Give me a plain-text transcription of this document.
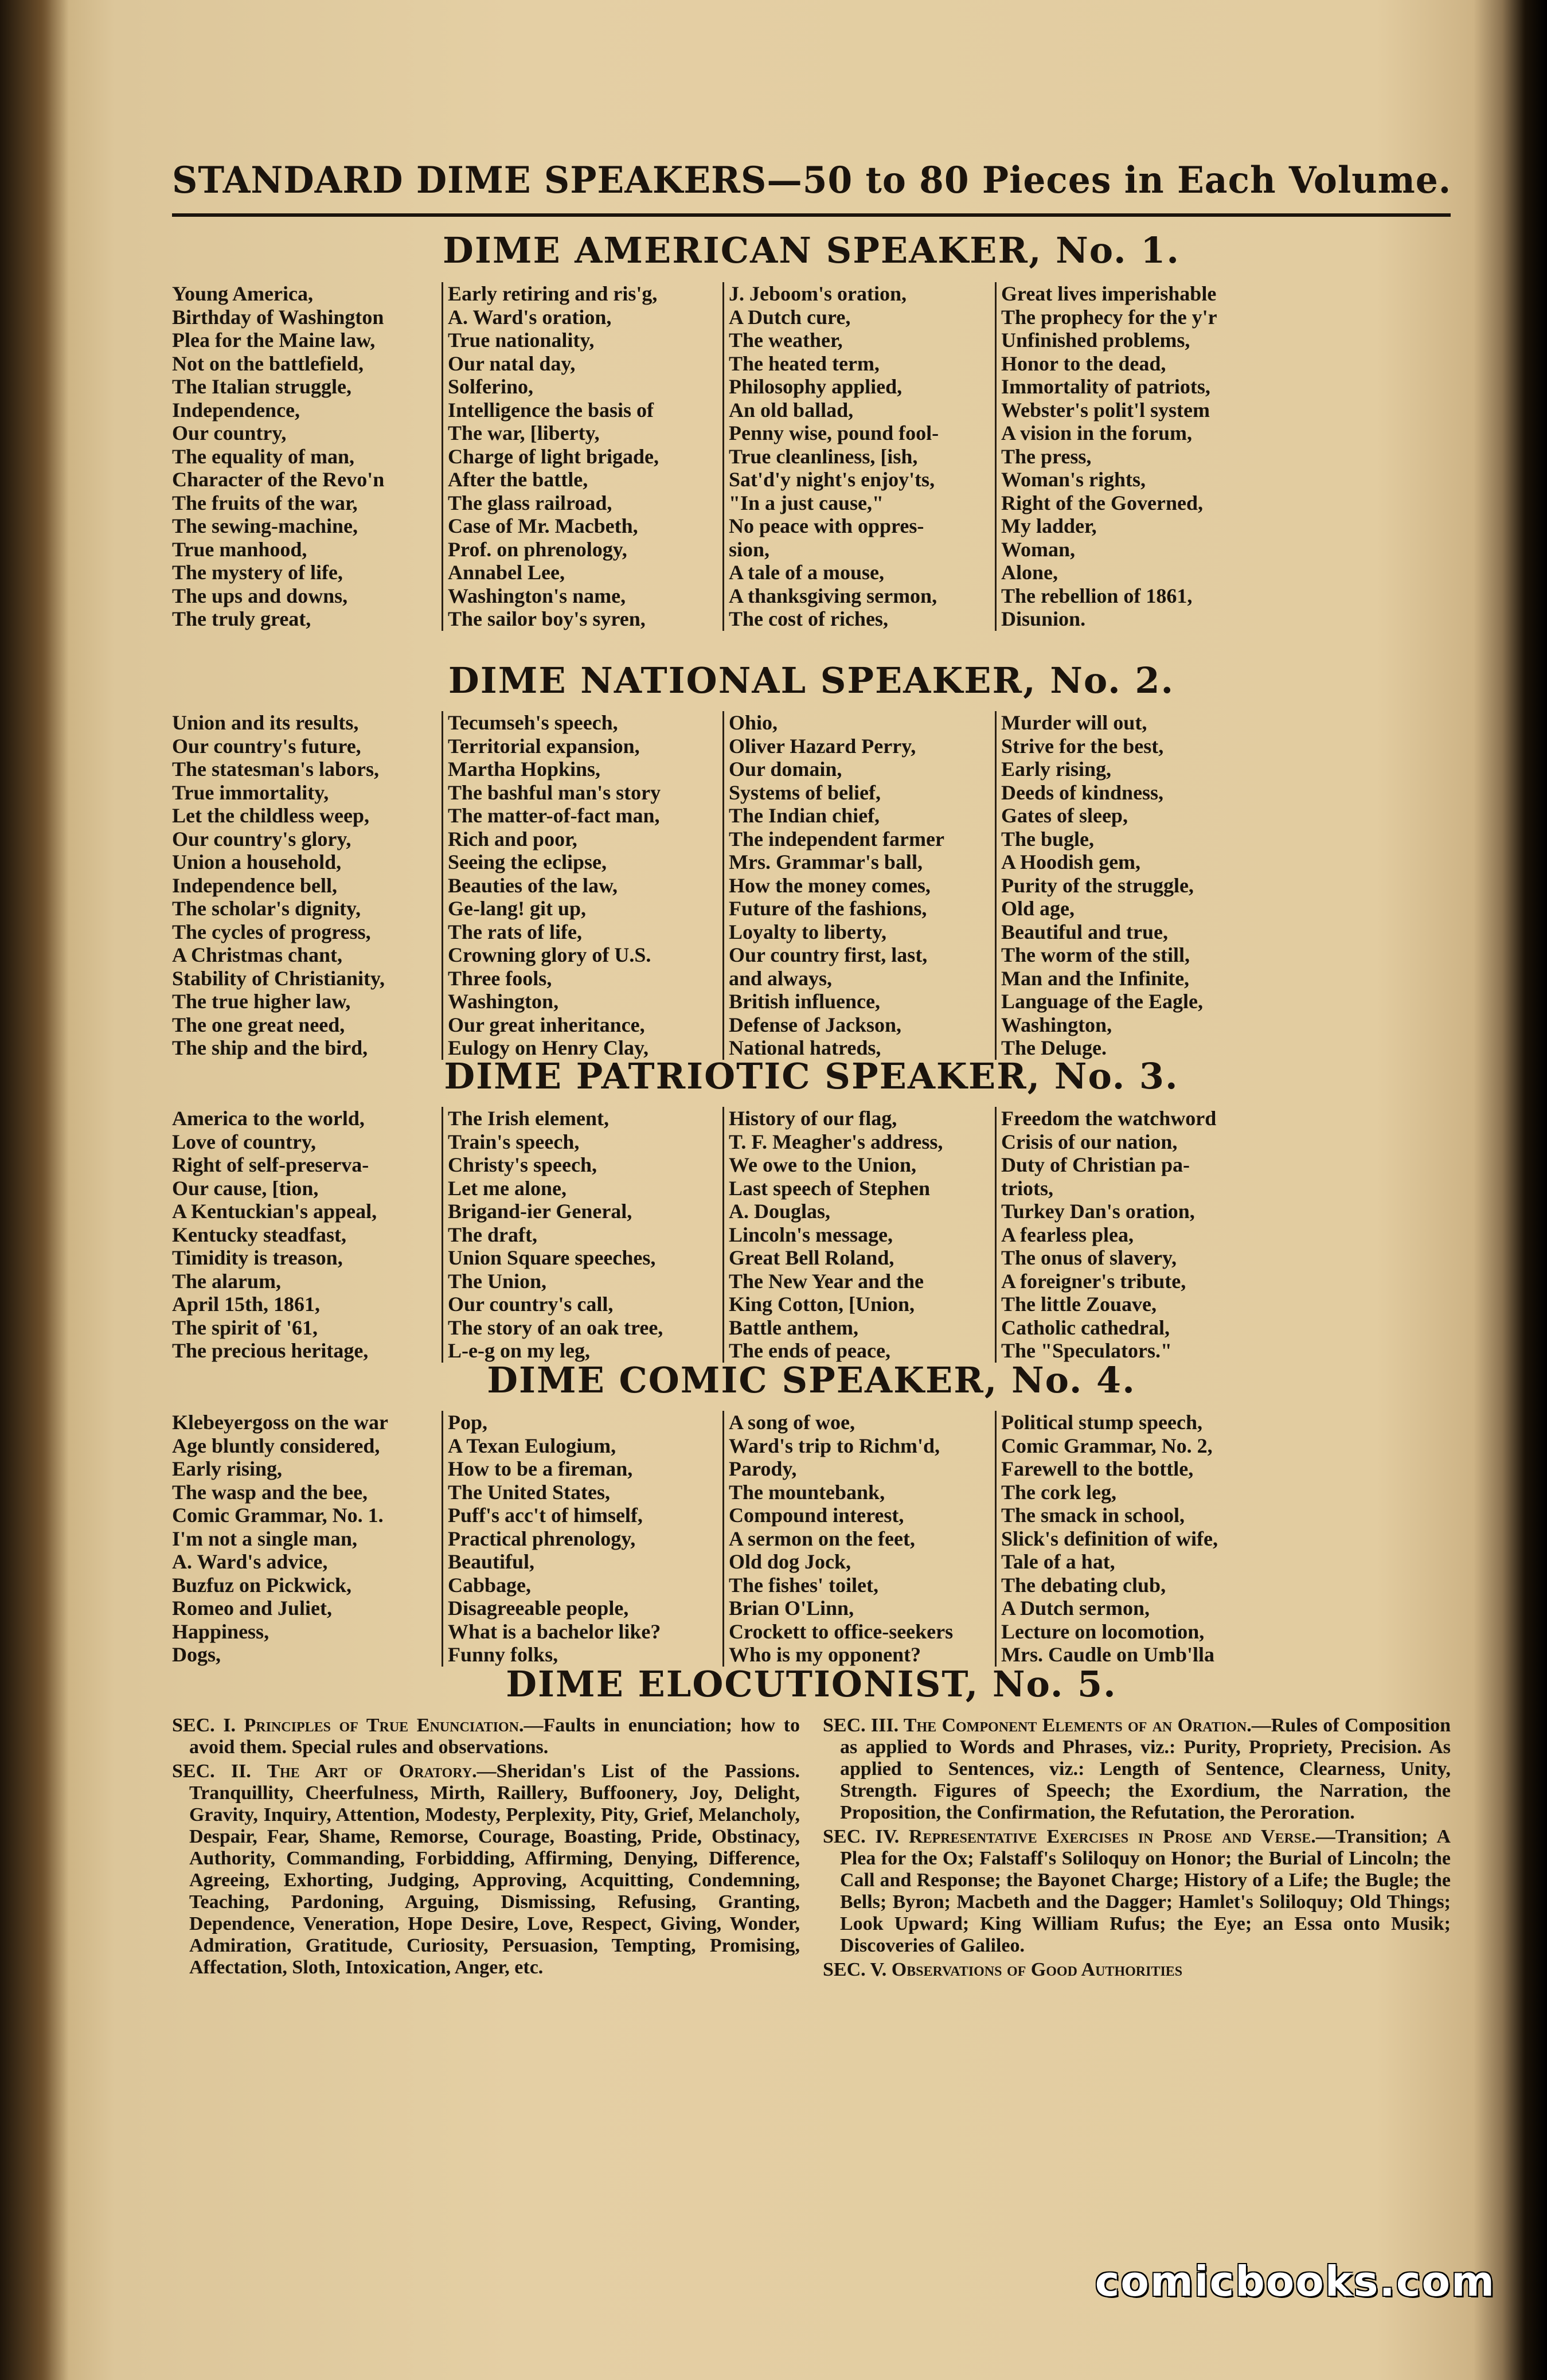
STANDARD DIME SPEAKERS—50 to 80 Pieces in Each Volume.
DIME AMERICAN SPEAKER, No. 1.
Young America,
Birthday of Washington
Plea for the Maine law,
Not on the battlefield,
The Italian struggle,
Independence,
Our country,
The equality of man,
Character of the Revo'n
The fruits of the war,
The sewing-machine,
True manhood,
The mystery of life,
The ups and downs,
The truly great,
Early retiring and ris'g,
A. Ward's oration,
True nationality,
Our natal day,
Solferino,
Intelligence the basis of
The war, [liberty,
Charge of light brigade,
After the battle,
The glass railroad,
Case of Mr. Macbeth,
Prof. on phrenology,
Annabel Lee,
Washington's name,
The sailor boy's syren,
J. Jeboom's oration,
A Dutch cure,
The weather,
The heated term,
Philosophy applied,
An old ballad,
Penny wise, pound fool-
True cleanliness, [ish,
Sat'd'y night's enjoy'ts,
"In a just cause,"
No peace with oppres-
sion,
A tale of a mouse,
A thanksgiving sermon,
The cost of riches,
Great lives imperishable
The prophecy for the y'r
Unfinished problems,
Honor to the dead,
Immortality of patriots,
Webster's polit'l system
A vision in the forum,
The press,
Woman's rights,
Right of the Governed,
My ladder,
Woman,
Alone,
The rebellion of 1861,
Disunion.
DIME NATIONAL SPEAKER, No. 2.
Union and its results,
Our country's future,
The statesman's labors,
True immortality,
Let the childless weep,
Our country's glory,
Union a household,
Independence bell,
The scholar's dignity,
The cycles of progress,
A Christmas chant,
Stability of Christianity,
The true higher law,
The one great need,
The ship and the bird,
Tecumseh's speech,
Territorial expansion,
Martha Hopkins,
The bashful man's story
The matter-of-fact man,
Rich and poor,
Seeing the eclipse,
Beauties of the law,
Ge-lang! git up,
The rats of life,
Crowning glory of U.S.
Three fools,
Washington,
Our great inheritance,
Eulogy on Henry Clay,
Ohio,
Oliver Hazard Perry,
Our domain,
Systems of belief,
The Indian chief,
The independent farmer
Mrs. Grammar's ball,
How the money comes,
Future of the fashions,
Loyalty to liberty,
Our country first, last,
and always,
British influence,
Defense of Jackson,
National hatreds,
Murder will out,
Strive for the best,
Early rising,
Deeds of kindness,
Gates of sleep,
The bugle,
A Hoodish gem,
Purity of the struggle,
Old age,
Beautiful and true,
The worm of the still,
Man and the Infinite,
Language of the Eagle,
Washington,
The Deluge.
DIME PATRIOTIC SPEAKER, No. 3.
America to the world,
Love of country,
Right of self-preserva-
Our cause, [tion,
A Kentuckian's appeal,
Kentucky steadfast,
Timidity is treason,
The alarum,
April 15th, 1861,
The spirit of '61,
The precious heritage,
The Irish element,
Train's speech,
Christy's speech,
Let me alone,
Brigand-ier General,
The draft,
Union Square speeches,
The Union,
Our country's call,
The story of an oak tree,
L-e-g on my leg,
History of our flag,
T. F. Meagher's address,
We owe to the Union,
Last speech of Stephen
A. Douglas,
Lincoln's message,
Great Bell Roland,
The New Year and the
King Cotton, [Union,
Battle anthem,
The ends of peace,
Freedom the watchword
Crisis of our nation,
Duty of Christian pa-
triots,
Turkey Dan's oration,
A fearless plea,
The onus of slavery,
A foreigner's tribute,
The little Zouave,
Catholic cathedral,
The "Speculators."
DIME COMIC SPEAKER, No. 4.
Klebeyergoss on the war
Age bluntly considered,
Early rising,
The wasp and the bee,
Comic Grammar, No. 1.
I'm not a single man,
A. Ward's advice,
Buzfuz on Pickwick,
Romeo and Juliet,
Happiness,
Dogs,
Pop,
A Texan Eulogium,
How to be a fireman,
The United States,
Puff's acc't of himself,
Practical phrenology,
Beautiful,
Cabbage,
Disagreeable people,
What is a bachelor like?
Funny folks,
A song of woe,
Ward's trip to Richm'd,
Parody,
The mountebank,
Compound interest,
A sermon on the feet,
Old dog Jock,
The fishes' toilet,
Brian O'Linn,
Crockett to office-seekers
Who is my opponent?
Political stump speech,
Comic Grammar, No. 2,
Farewell to the bottle,
The cork leg,
The smack in school,
Slick's definition of wife,
Tale of a hat,
The debating club,
A Dutch sermon,
Lecture on locomotion,
Mrs. Caudle on Umb'lla
DIME ELOCUTIONIST, No. 5.

SEC. I. Principles of True Enunciation.—Faults in enunciation; how to avoid them. Special rules and observations.

SEC. II. The Art of Oratory.—Sheridan's List of the Passions. Tranquillity, Cheerfulness, Mirth, Raillery, Buffoonery, Joy, Delight, Gravity, Inquiry, Attention, Modesty, Perplexity, Pity, Grief, Melancholy, Despair, Fear, Shame, Remorse, Courage, Boasting, Pride, Obstinacy, Authority, Commanding, Forbidding, Affirming, Denying, Difference, Agreeing, Exhorting, Judging, Approving, Acquitting, Condemning, Teaching, Pardoning, Arguing, Dismissing, Refusing, Granting, Dependence, Veneration, Hope Desire, Love, Respect, Giving, Wonder, Admiration, Gratitude, Curiosity, Persuasion, Tempting, Promising, Affectation, Sloth, Intoxication, Anger, etc.

SEC. III. The Component Elements of an Oration.—Rules of Composition as applied to Words and Phrases, viz.: Purity, Propriety, Precision. As applied to Sentences, viz.: Length of Sentence, Clearness, Unity, Strength. Figures of Speech; the Exordium, the Narration, the Proposition, the Confirmation, the Refutation, the Peroration.

SEC. IV. Representative Exercises in Prose and Verse.—Transition; A Plea for the Ox; Falstaff's Soliloquy on Honor; the Burial of Lincoln; the Call and Response; the Bayonet Charge; History of a Life; the Bugle; the Bells; Byron; Macbeth and the Dagger; Hamlet's Soliloquy; Old Things; Look Upward; King William Rufus; the Eye; an Essa onto Musik; Discoveries of Galileo.

SEC. V. Observations of Good Authorities

comicbooks.com
